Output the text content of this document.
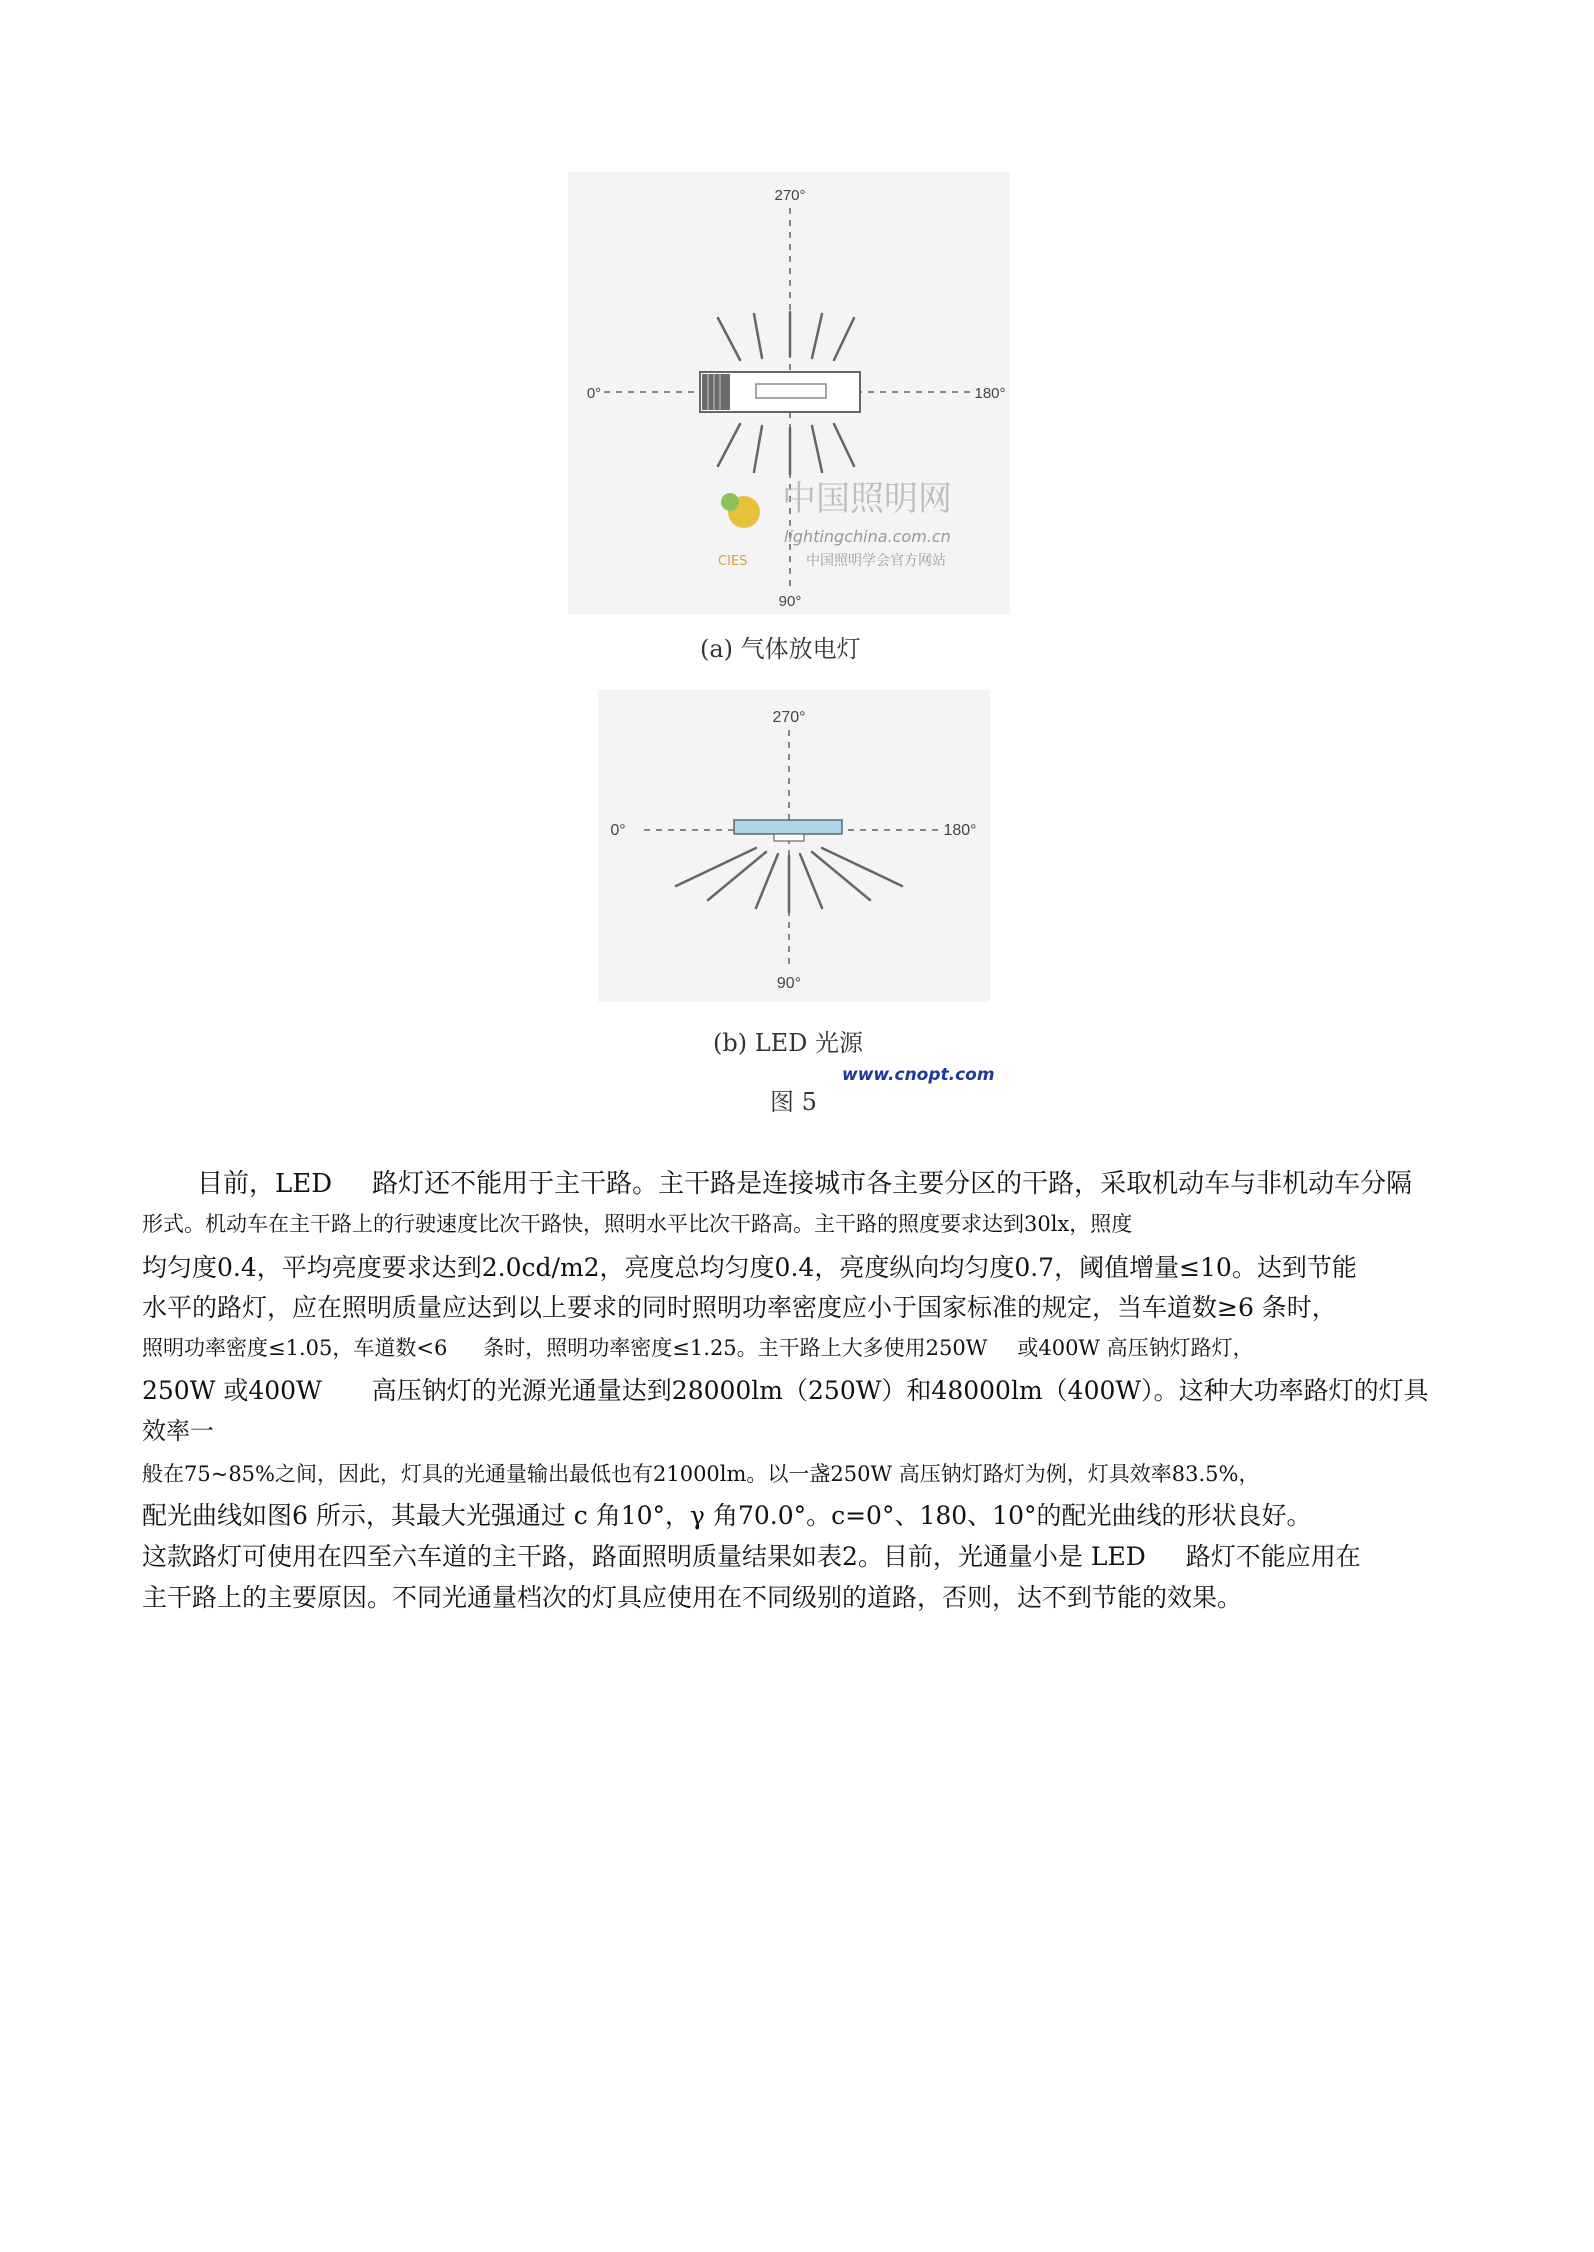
270°
0°	180°
90°
中国照明网
lightingchina.com.cn
CIES	中国照明学会官方网站
(a) 气体放电灯
270°
0°	180°
90°
(b) LED 光源
www.cnopt.com
图 5
目前，LED 路灯还不能用于主干路。主干路是连接城市各主要分区的干路，采取机动车与非机动车分隔
形式。机动车在主干路上的行驶速度比次干路快，照明水平比次干路高。主干路的照度要求达到30lx，照度
均匀度0.4，平均亮度要求达到2.0cd/m2，亮度总均匀度0.4，亮度纵向均匀度0.7，阈值增量≤10。达到节能
水平的路灯，应在照明质量应达到以上要求的同时照明功率密度应小于国家标准的规定，当车道数≥6 条时，
照明功率密度≤1.05，车道数<6 条时，照明功率密度≤1.25。主干路上大多使用250W 或400W 高压钠灯路灯，
250W 或400W 高压钠灯的光源光通量达到28000lm（250W）和48000lm（400W）。这种大功率路灯的灯具
效率一
般在75~85%之间，因此，灯具的光通量输出最低也有21000lm。以一盏250W 高压钠灯路灯为例，灯具效率83.5%，
配光曲线如图6 所示，其最大光强通过 c 角10°，γ 角70.0°。c=0°、180、10°的配光曲线的形状良好。
这款路灯可使用在四至六车道的主干路，路面照明质量结果如表2。目前，光通量小是 LED 路灯不能应用在
主干路上的主要原因。不同光通量档次的灯具应使用在不同级别的道路，否则，达不到节能的效果。
